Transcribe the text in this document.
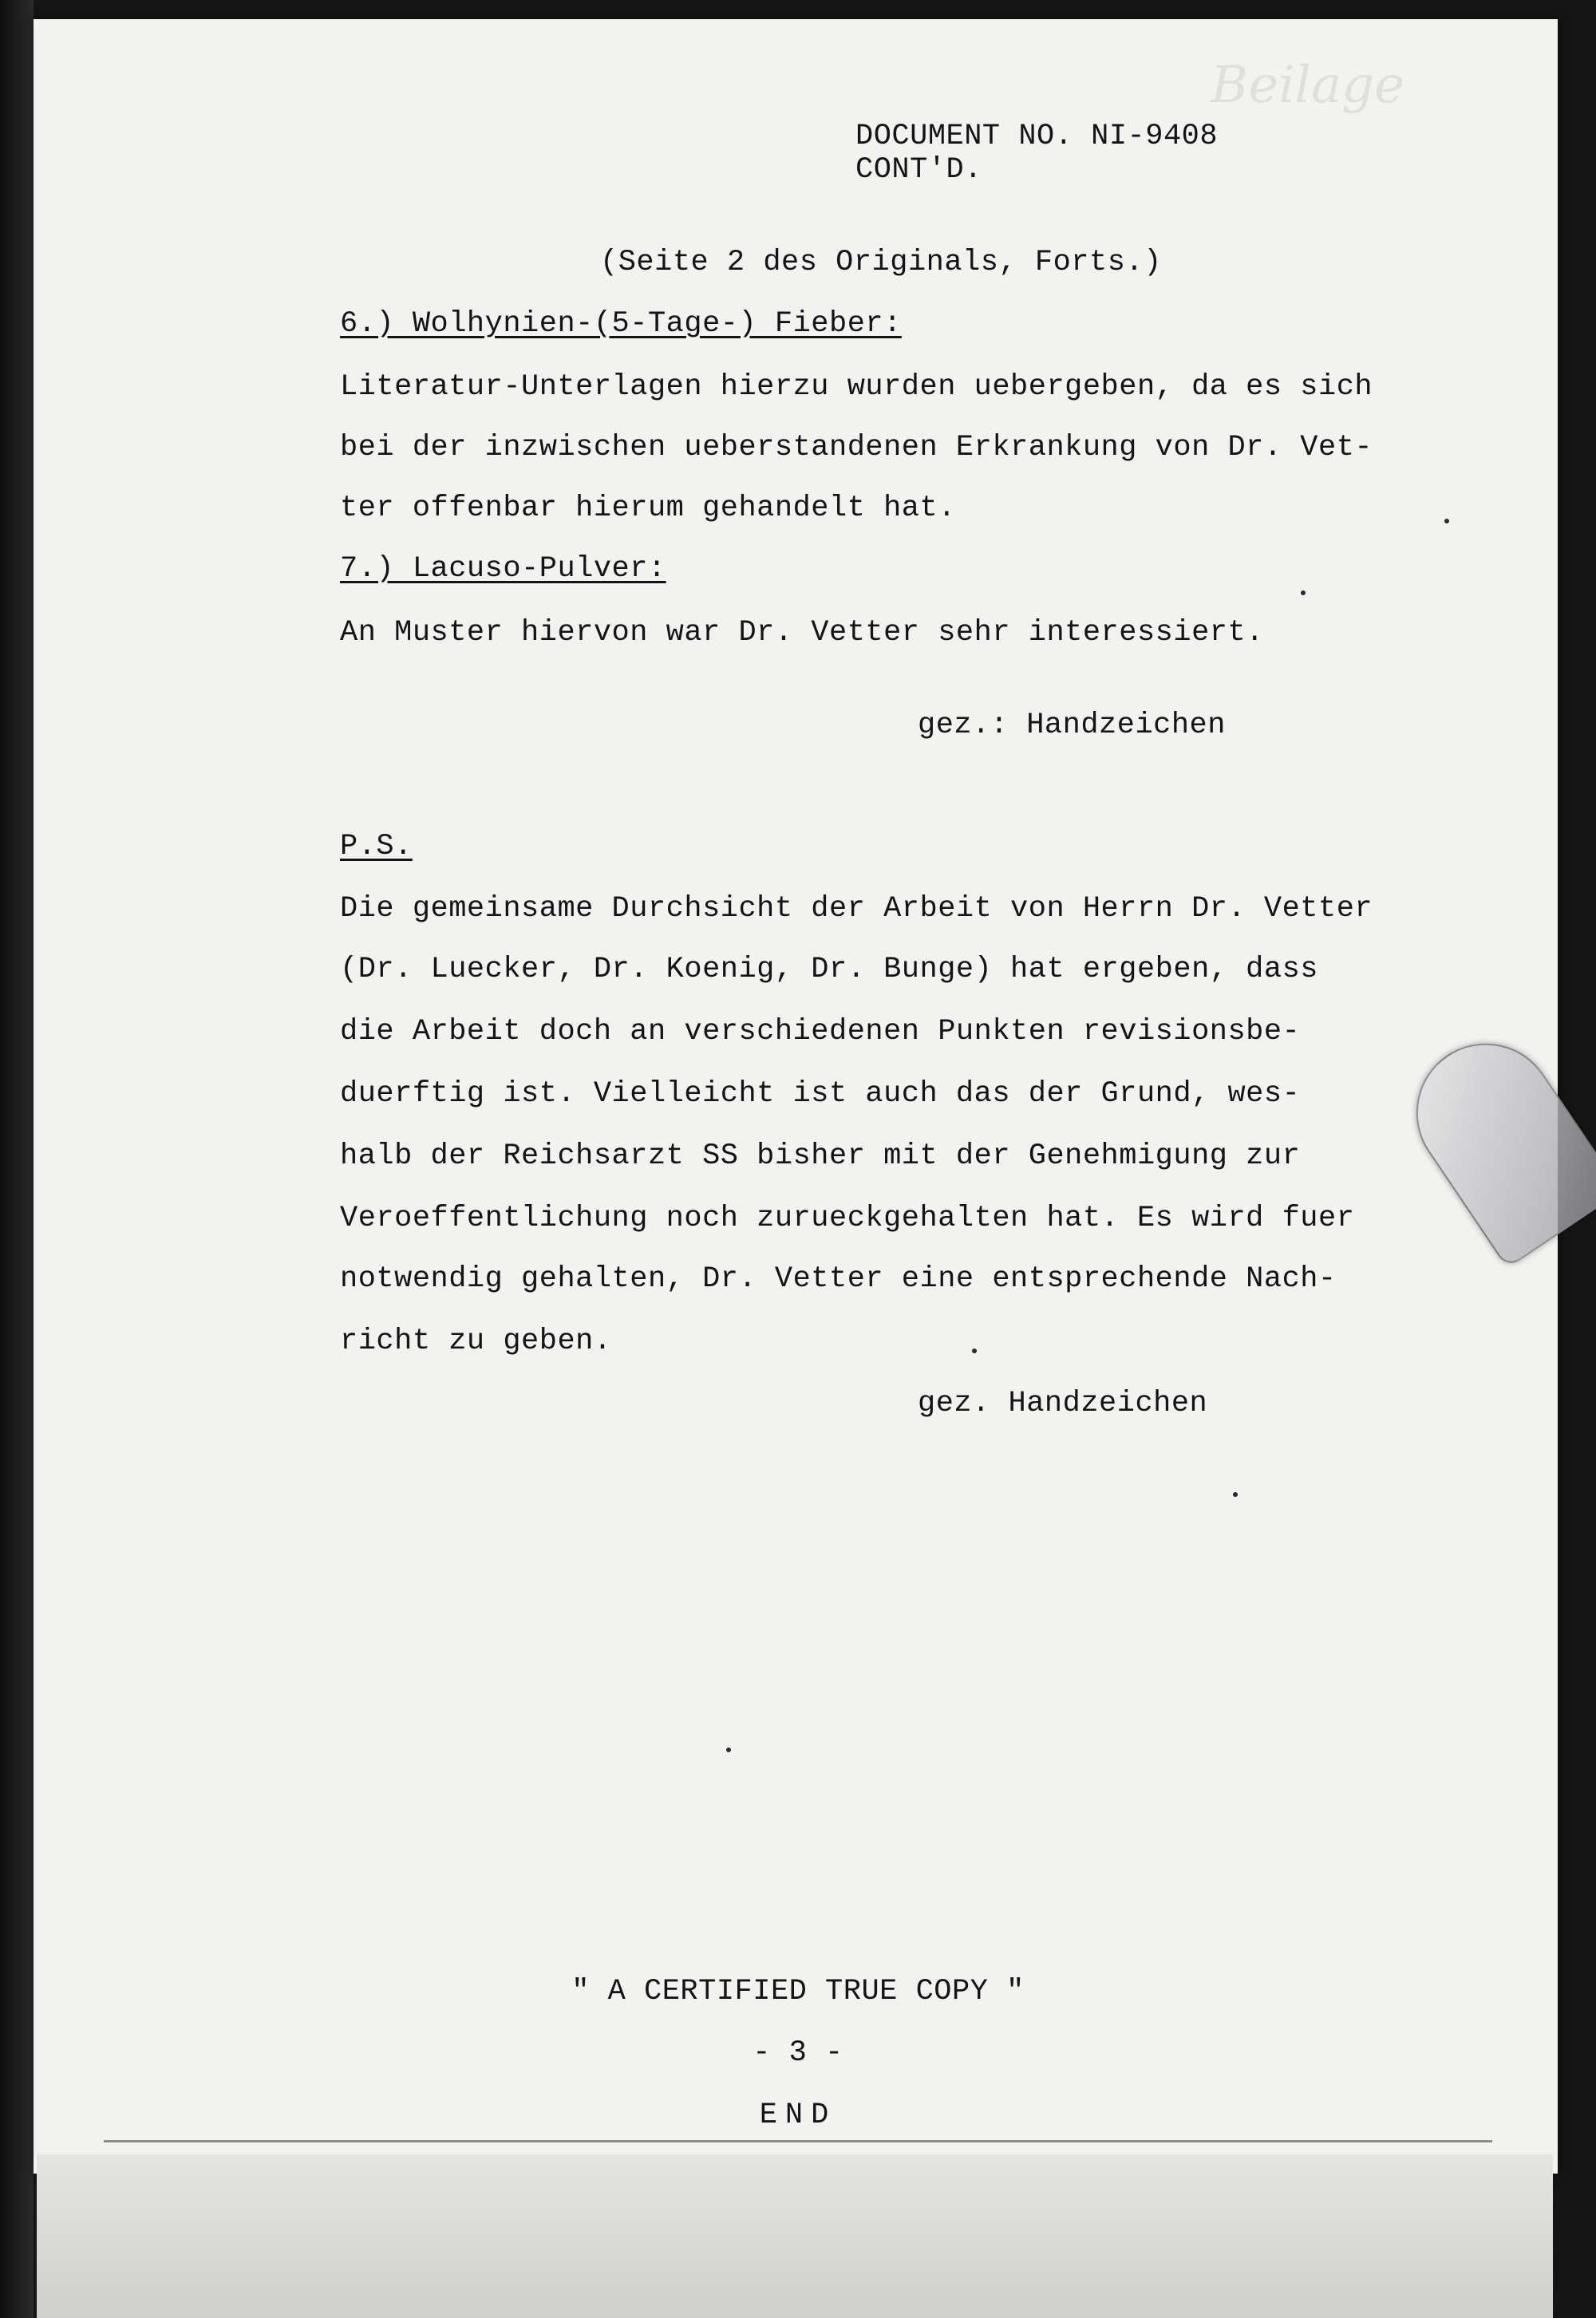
Beilage
DOCUMENT NO. NI-9408
CONT'D.
(Seite 2 des Originals, Forts.)
6.) Wolhynien-(5-Tage-) Fieber:
Literatur-Unterlagen hierzu wurden uebergeben, da es sich
bei der inzwischen ueberstandenen Erkrankung von Dr. Vet-
ter offenbar hierum gehandelt hat.
7.) Lacuso-Pulver:
An Muster hiervon war Dr. Vetter sehr interessiert.
gez.: Handzeichen
P.S.
Die gemeinsame Durchsicht der Arbeit von Herrn Dr. Vetter
(Dr. Luecker, Dr. Koenig, Dr. Bunge) hat ergeben, dass
die Arbeit doch an verschiedenen Punkten revisionsbe-
duerftig ist. Vielleicht ist auch das der Grund, wes-
halb der Reichsarzt SS bisher mit der Genehmigung zur
Veroeffentlichung noch zurueckgehalten hat. Es wird fuer
notwendig gehalten, Dr. Vetter eine entsprechende Nach-
richt zu geben.
gez. Handzeichen
" A CERTIFIED TRUE COPY "
- 3 -
END
